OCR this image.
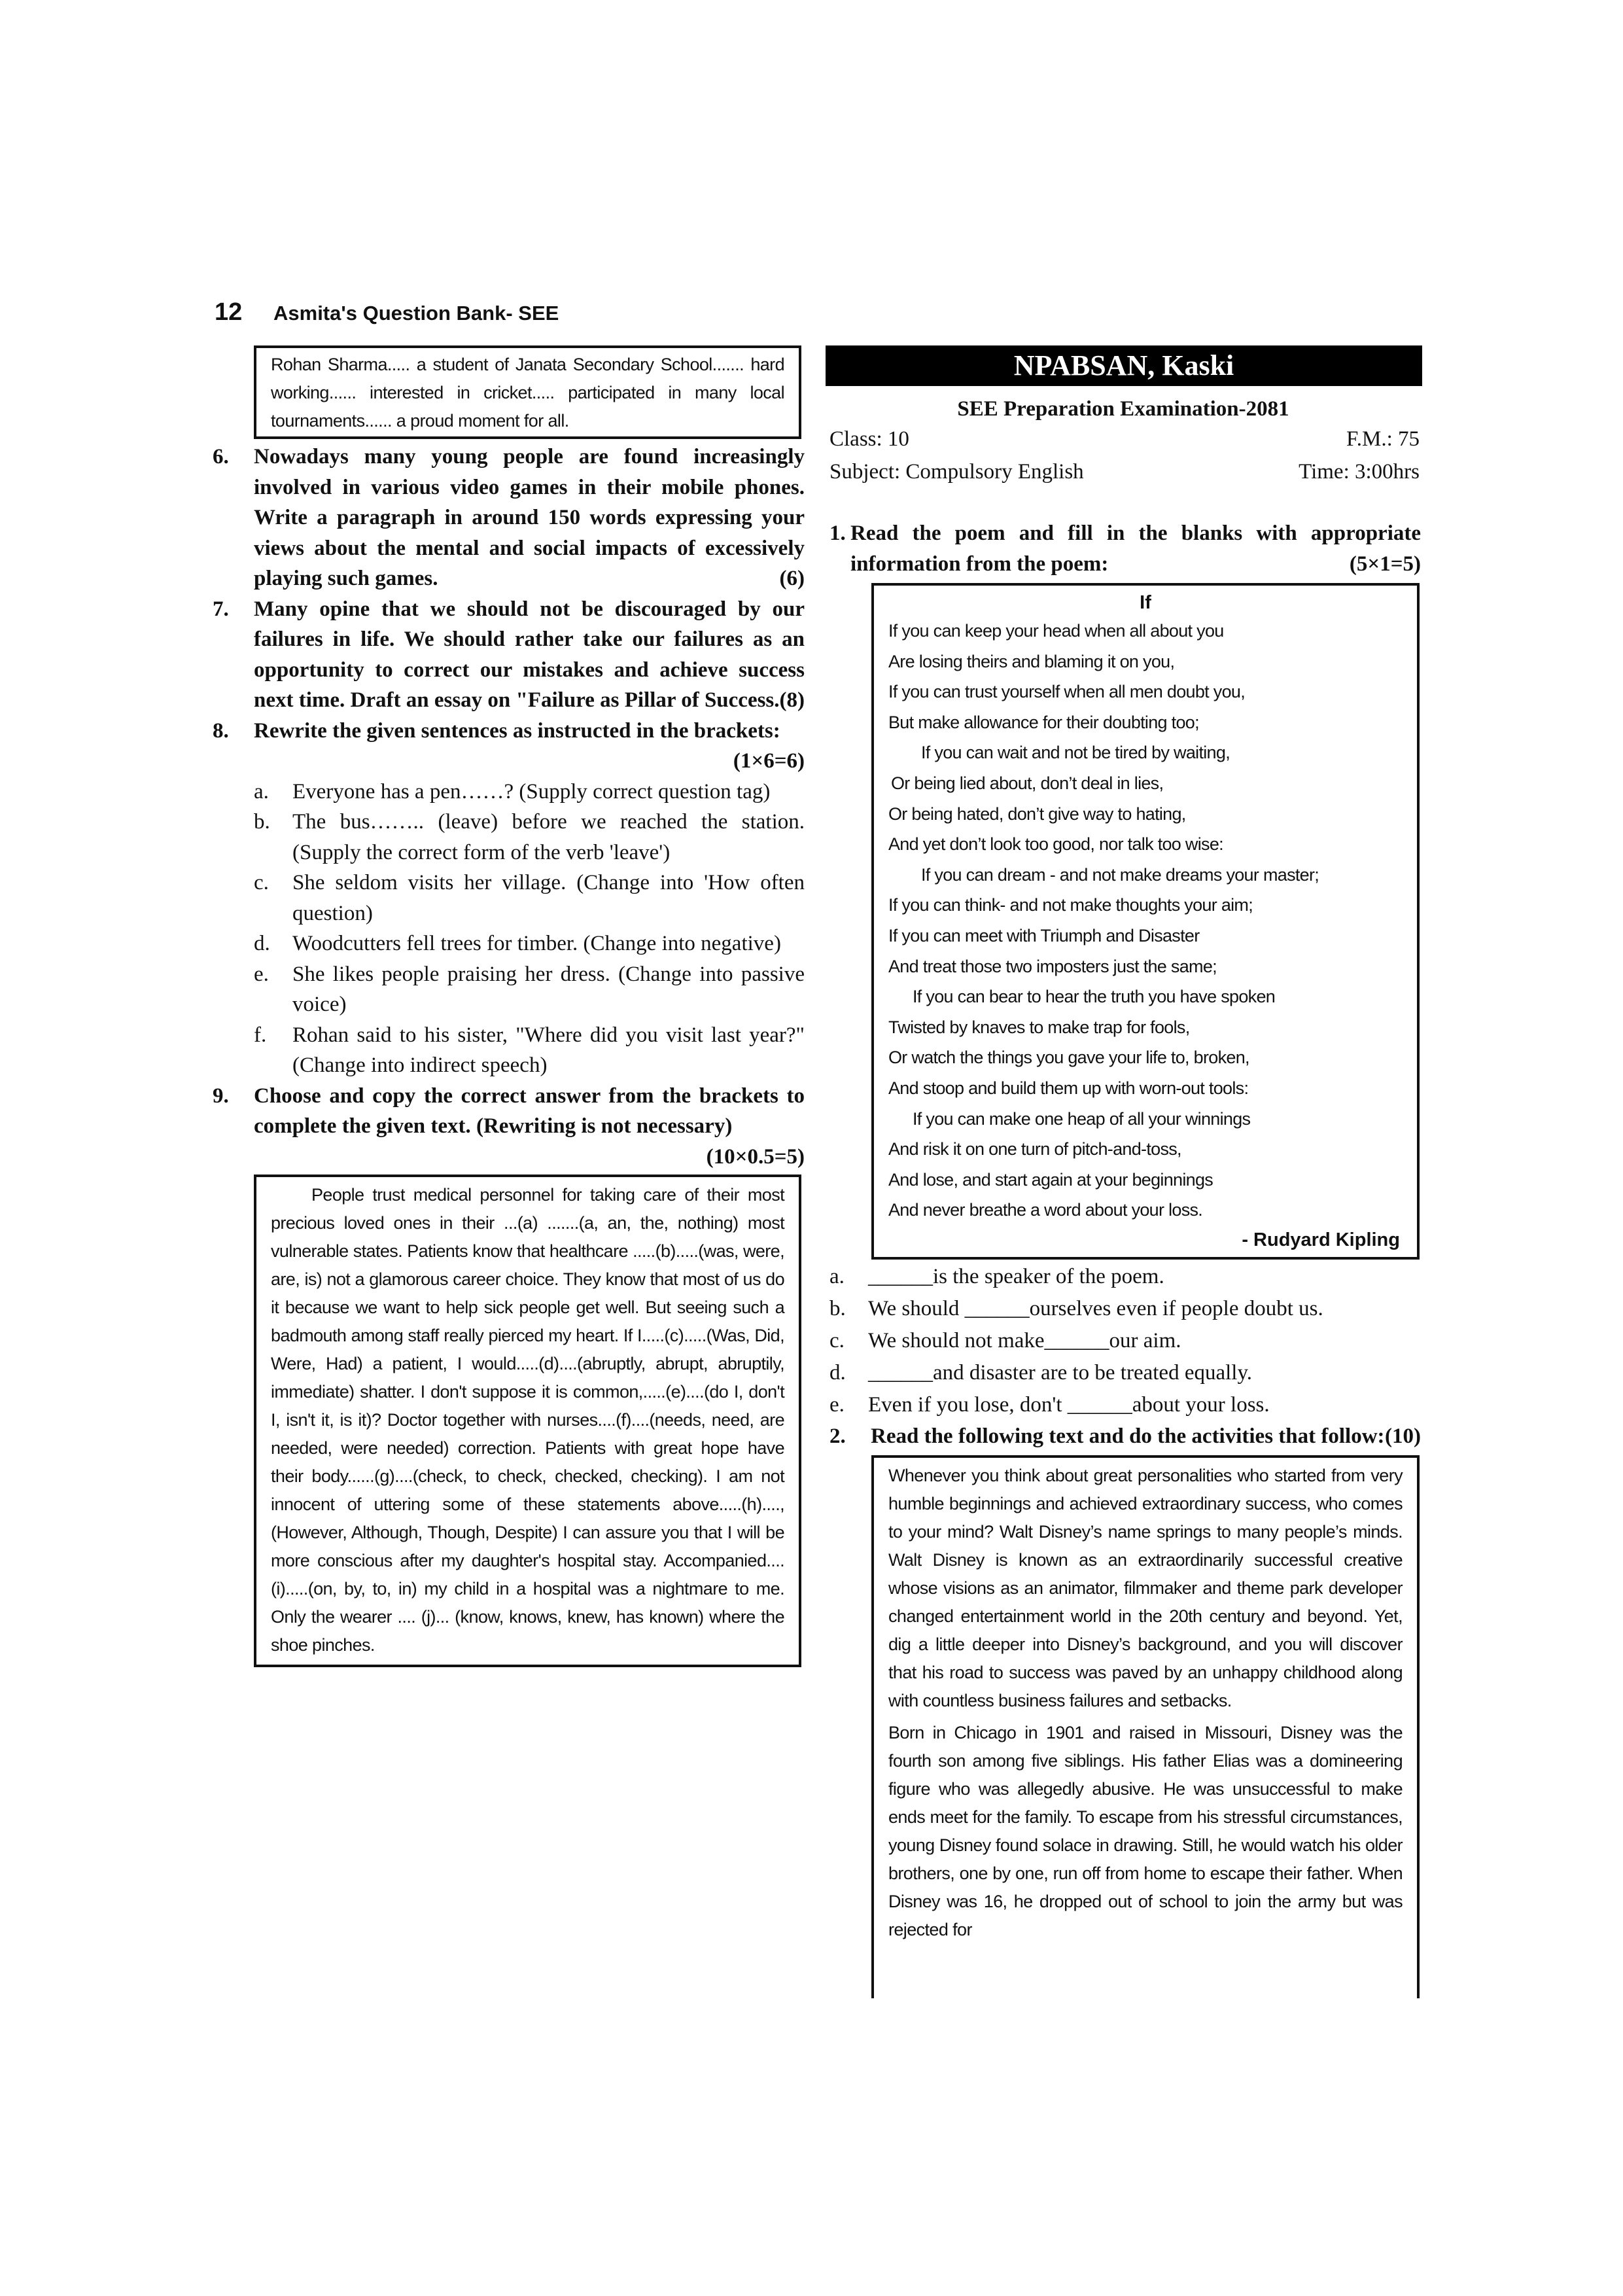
12 Asmita's Question Bank- SEE
Rohan Sharma..... a student of Janata Secondary School....... hard working...... interested in cricket..... participated in many local tournaments...... a proud moment for all.
6.	Nowadays many young people are found increasingly involved in various video games in their mobile phones. Write a paragraph in around 150 words expressing your views about the mental and social impacts of excessively playing such games.	(6)
7.	Many opine that we should not be discouraged by our failures in life. We should rather take our failures as an opportunity to correct our mistakes and achieve success next time. Draft an essay on "Failure as Pillar of Success. (8)
8.	Rewrite the given sentences as instructed in the brackets:
(1×6=6)
a.	Everyone has a pen……? (Supply correct question tag)
b.	The bus…….. (leave) before we reached the station. (Supply the correct form of the verb 'leave')
c.	She seldom visits her village. (Change into 'How often question)
d.	Woodcutters fell trees for timber. (Change into negative)
e.	She likes people praising her dress. (Change into passive voice)
f.	Rohan said to his sister, "Where did you visit last year?" (Change into indirect speech)
9.	Choose and copy the correct answer from the brackets to complete the given text. (Rewriting is not necessary)
(10×0.5=5)
People trust medical personnel for taking care of their most precious loved ones in their ...(a) .......(a, an, the, nothing) most vulnerable states. Patients know that healthcare .....(b).....(was, were, are, is) not a glamorous career choice. They know that most of us do it because we want to help sick people get well. But seeing such a badmouth among staff really pierced my heart. If I.....(c).....(Was, Did, Were, Had) a patient, I would.....(d)....(abruptly, abrupt, abruptily, immediate) shatter. I don't suppose it is common,.....(e)....(do I, don't I, isn't it, is it)? Doctor together with nurses....(f)....(needs, need, are needed, were needed) correction. Patients with great hope have their body......(g)....(check, to check, checked, checking). I am not innocent of uttering some of these statements above.....(h)....,(However, Although, Though, Despite) I can assure you that I will be more conscious after my daughter's hospital stay. Accompanied....(i).....(on, by, to, in) my child in a hospital was a nightmare to me. Only the wearer .... (j)... (know, knows, knew, has known) where the shoe pinches.
NPABSAN, Kaski
SEE Preparation Examination-2081
Class: 10	F.M.: 75
Subject: Compulsory English	Time: 3:00hrs
1. Read the poem and fill in the blanks with appropriate information from the poem:	(5×1=5)
If
If you can keep your head when all about you
Are losing theirs and blaming it on you,
If you can trust yourself when all men doubt you,
But make allowance for their doubting too;
If you can wait and not be tired by waiting,
Or being lied about, don’t deal in lies,
Or being hated, don’t give way to hating,
And yet don’t look too good, nor talk too wise:
If you can dream - and not make dreams your master;
If you can think- and not make thoughts your aim;
If you can meet with Triumph and Disaster
And treat those two imposters just the same;
If you can bear to hear the truth you have spoken
Twisted by knaves to make trap for fools,
Or watch the things you gave your life to, broken,
And stoop and build them up with worn-out tools:
If you can make one heap of all your winnings
And risk it on one turn of pitch-and-toss,
And lose, and start again at your beginnings
And never breathe a word about your loss.
- Rudyard Kipling
a.	______is the speaker of the poem.
b.	We should ______ourselves even if people doubt us.
c.	We should not make______our aim.
d.	______and disaster are to be treated equally.
e.	Even if you lose, don't ______about your loss.
2.	Read the following text and do the activities that follow: (10)

Whenever you think about great personalities who started from very humble beginnings and achieved extraordinary success, who comes to your mind? Walt Disney’s name springs to many people’s minds. Walt Disney is known as an extraordinarily successful creative whose visions as an animator, filmmaker and theme park developer changed entertainment world in the 20th century and beyond. Yet, dig a little deeper into Disney’s background, and you will discover that his road to success was paved by an unhappy childhood along with countless business failures and setbacks.

Born in Chicago in 1901 and raised in Missouri, Disney was the fourth son among five siblings. His father Elias was a domineering figure who was allegedly abusive. He was unsuccessful to make ends meet for the family. To escape from his stressful circumstances, young Disney found solace in drawing. Still, he would watch his older brothers, one by one, run off from home to escape their father. When Disney was 16, he dropped out of school to join the army but was rejected for
